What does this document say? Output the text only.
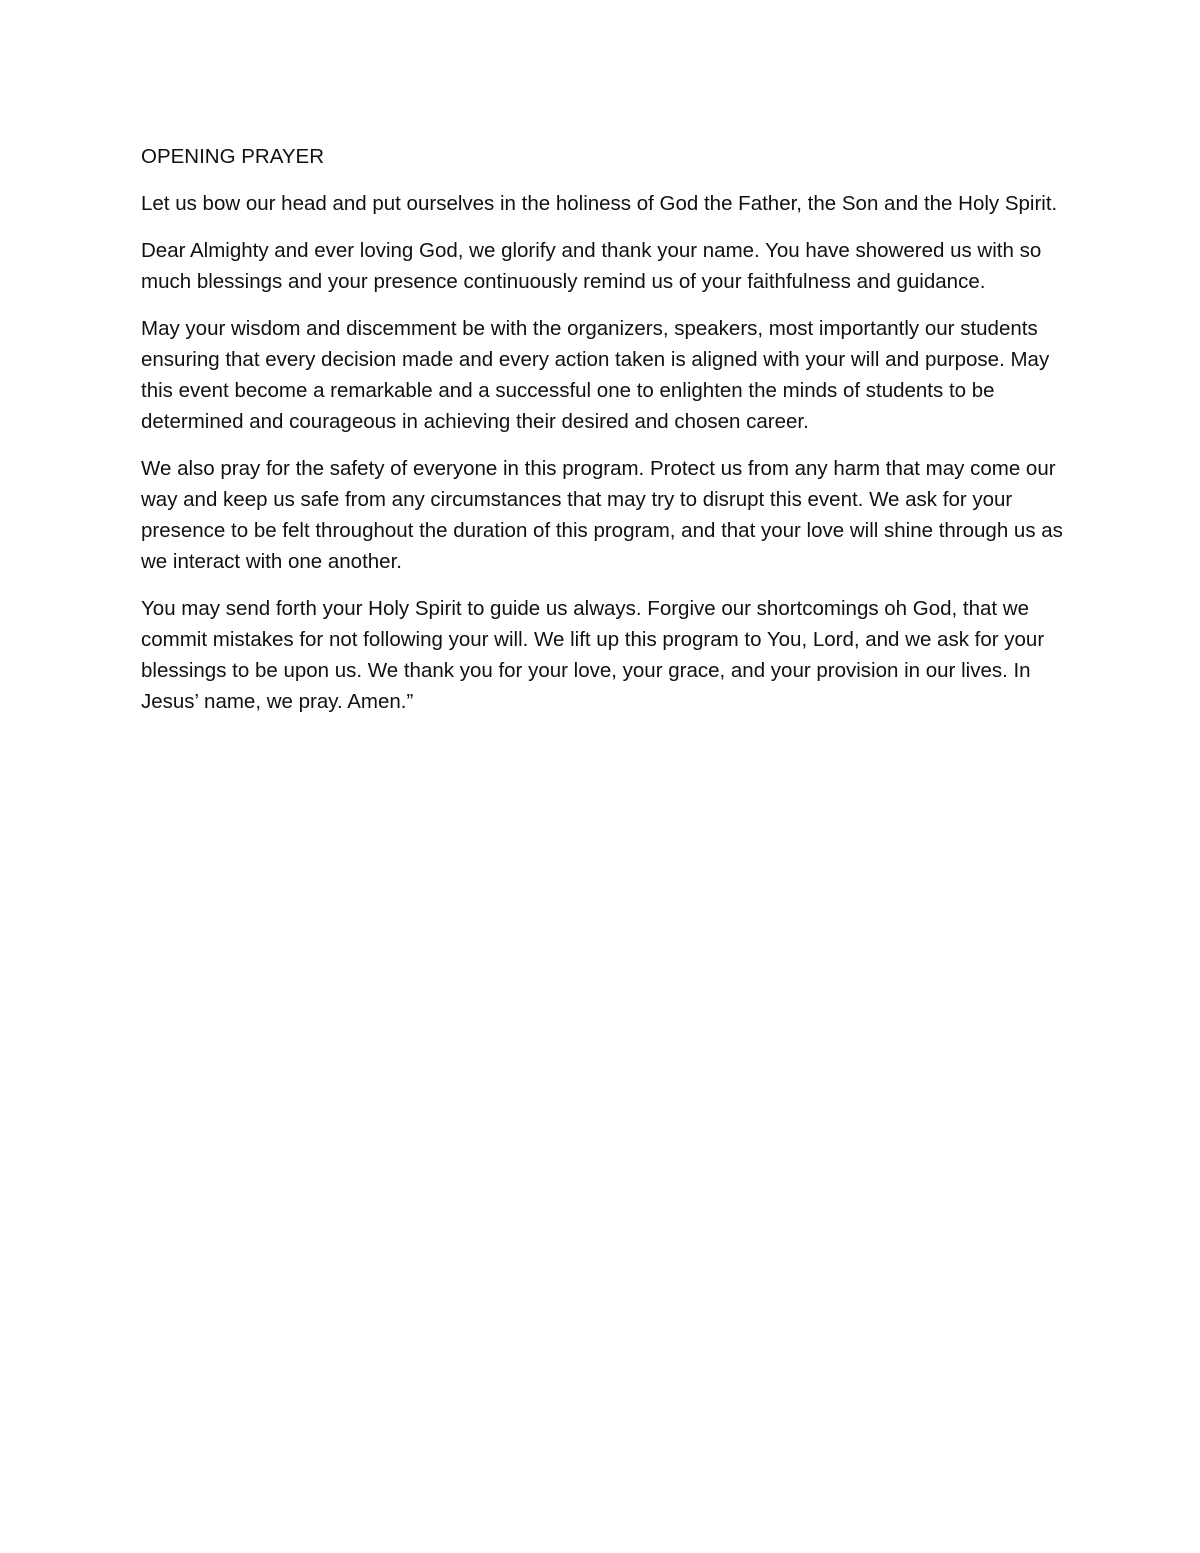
OPENING PRAYER

Let us bow our head and put ourselves in the holiness of God the Father, the Son and the Holy Spirit.

Dear Almighty and ever loving God, we glorify and thank your name. You have showered us with so much blessings and your presence continuously remind us of your faithfulness and guidance.

May your wisdom and discemment be with the organizers, speakers, most importantly our students ensuring that every decision made and every action taken is aligned with your will and purpose. May this event become a remarkable and a successful one to enlighten the minds of students to be determined and courageous in achieving their desired and chosen career.

We also pray for the safety of everyone in this program. Protect us from any harm that may come our way and keep us safe from any circumstances that may try to disrupt this event. We ask for your presence to be felt throughout the duration of this program, and that your love will shine through us as we interact with one another.

You may send forth your Holy Spirit to guide us always. Forgive our shortcomings oh God, that we commit mistakes for not following your will. We lift up this program to You, Lord, and we ask for your blessings to be upon us. We thank you for your love, your grace, and your provision in our lives. In Jesus’ name, we pray. Amen.”
